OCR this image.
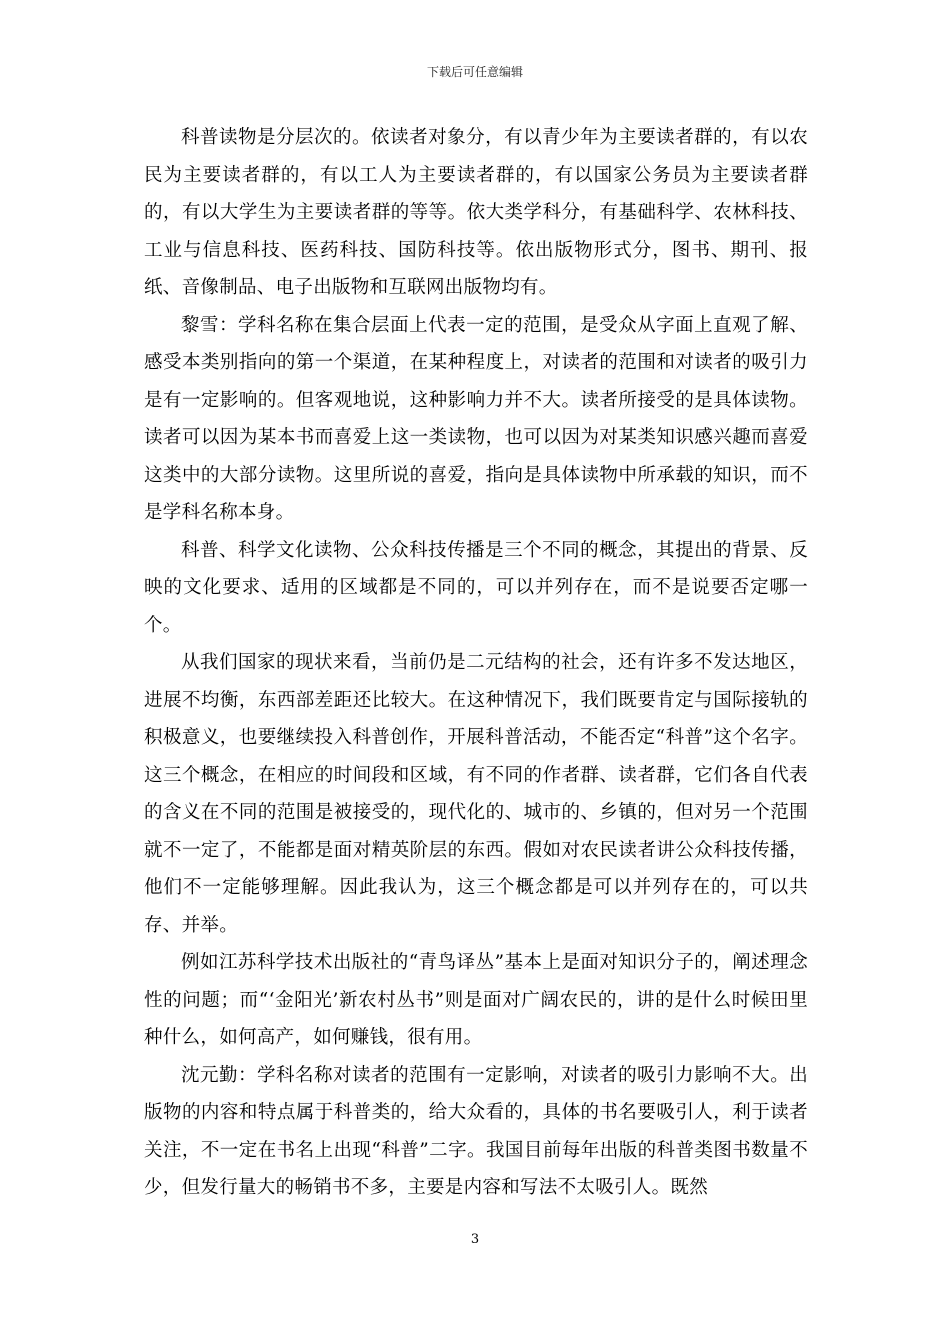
下载后可任意编辑

科普读物是分层次的。依读者对象分，有以青少年为主要读者群的，有以农民为主要读者群的，有以工人为主要读者群的，有以国家公务员为主要读者群的，有以大学生为主要读者群的等等。依大类学科分，有基础科学、农林科技、工业与信息科技、医药科技、国防科技等。依出版物形式分，图书、期刊、报纸、音像制品、电子出版物和互联网出版物均有。

黎雪：学科名称在集合层面上代表一定的范围，是受众从字面上直观了解、感受本类别指向的第一个渠道，在某种程度上，对读者的范围和对读者的吸引力是有一定影响的。但客观地说，这种影响力并不大。读者所接受的是具体读物。读者可以因为某本书而喜爱上这一类读物，也可以因为对某类知识感兴趣而喜爱这类中的大部分读物。这里所说的喜爱，指向是具体读物中所承载的知识，而不是学科名称本身。

科普、科学文化读物、公众科技传播是三个不同的概念，其提出的背景、反映的文化要求、适用的区域都是不同的，可以并列存在，而不是说要否定哪一个。

从我们国家的现状来看，当前仍是二元结构的社会，还有许多不发达地区，进展不均衡，东西部差距还比较大。在这种情况下，我们既要肯定与国际接轨的积极意义，也要继续投入科普创作，开展科普活动，不能否定“科普”这个名字。这三个概念，在相应的时间段和区域，有不同的作者群、读者群，它们各自代表的含义在不同的范围是被接受的，现代化的、城市的、乡镇的，但对另一个范围就不一定了，不能都是面对精英阶层的东西。假如对农民读者讲公众科技传播，他们不一定能够理解。因此我认为，这三个概念都是可以并列存在的，可以共存、并举。

例如江苏科学技术出版社的“青鸟译丛”基本上是面对知识分子的，阐述理念性的问题；而“‘金阳光’新农村丛书”则是面对广阔农民的，讲的是什么时候田里种什么，如何高产，如何赚钱，很有用。

沈元勤：学科名称对读者的范围有一定影响，对读者的吸引力影响不大。出版物的内容和特点属于科普类的，给大众看的，具体的书名要吸引人，利于读者关注，不一定在书名上出现“科普”二字。我国目前每年出版的科普类图书数量不少，但发行量大的畅销书不多，主要是内容和写法不太吸引人。既然

3
